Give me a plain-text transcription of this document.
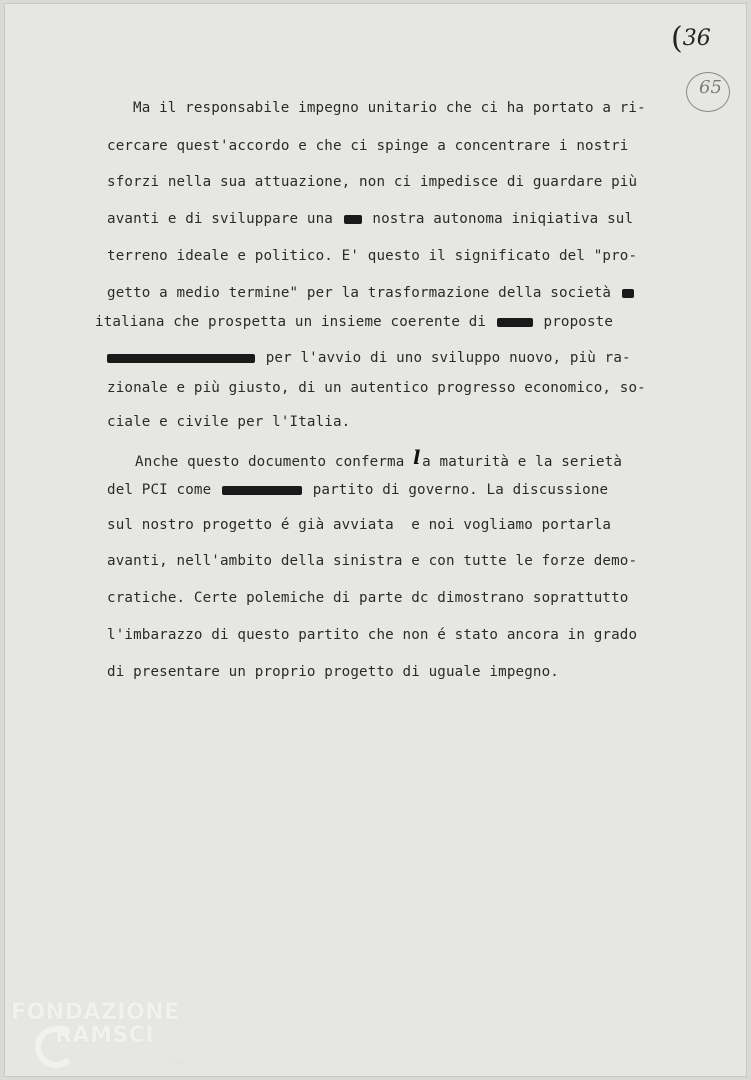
(36
65
Ma il responsabile impegno unitario che ci ha portato a ri-
cercare quest'accordo e che ci spinge a concentrare i nostri
sforzi nella sua attuazione, non ci impedisce di guardare più
avanti e di sviluppare una	nostra autonoma iniqiativa sul
terreno ideale e politico. E' questo il significato del "pro-
getto a medio termine" per la trasformazione della società
italiana che prospetta un insieme coerente di	proposte
per l'avvio di uno sviluppo nuovo, più ra-
zionale e più giusto, di un autentico progresso economico, so-
ciale e civile per l'Italia.
Anche questo documento conferma l a maturità e la serietà
del PCI come	partito di governo. La discussione
sul nostro progetto é già avviata  e noi vogliamo portarla
avanti, nell'ambito della sinistra e con tutte le forze demo-
cratiche. Certe polemiche di parte dc dimostrano soprattutto
l'imbarazzo di questo partito che non é stato ancora in grado
di presentare un proprio progetto di uguale impegno.
FONDAZIONE
RAMSCI
onlus
